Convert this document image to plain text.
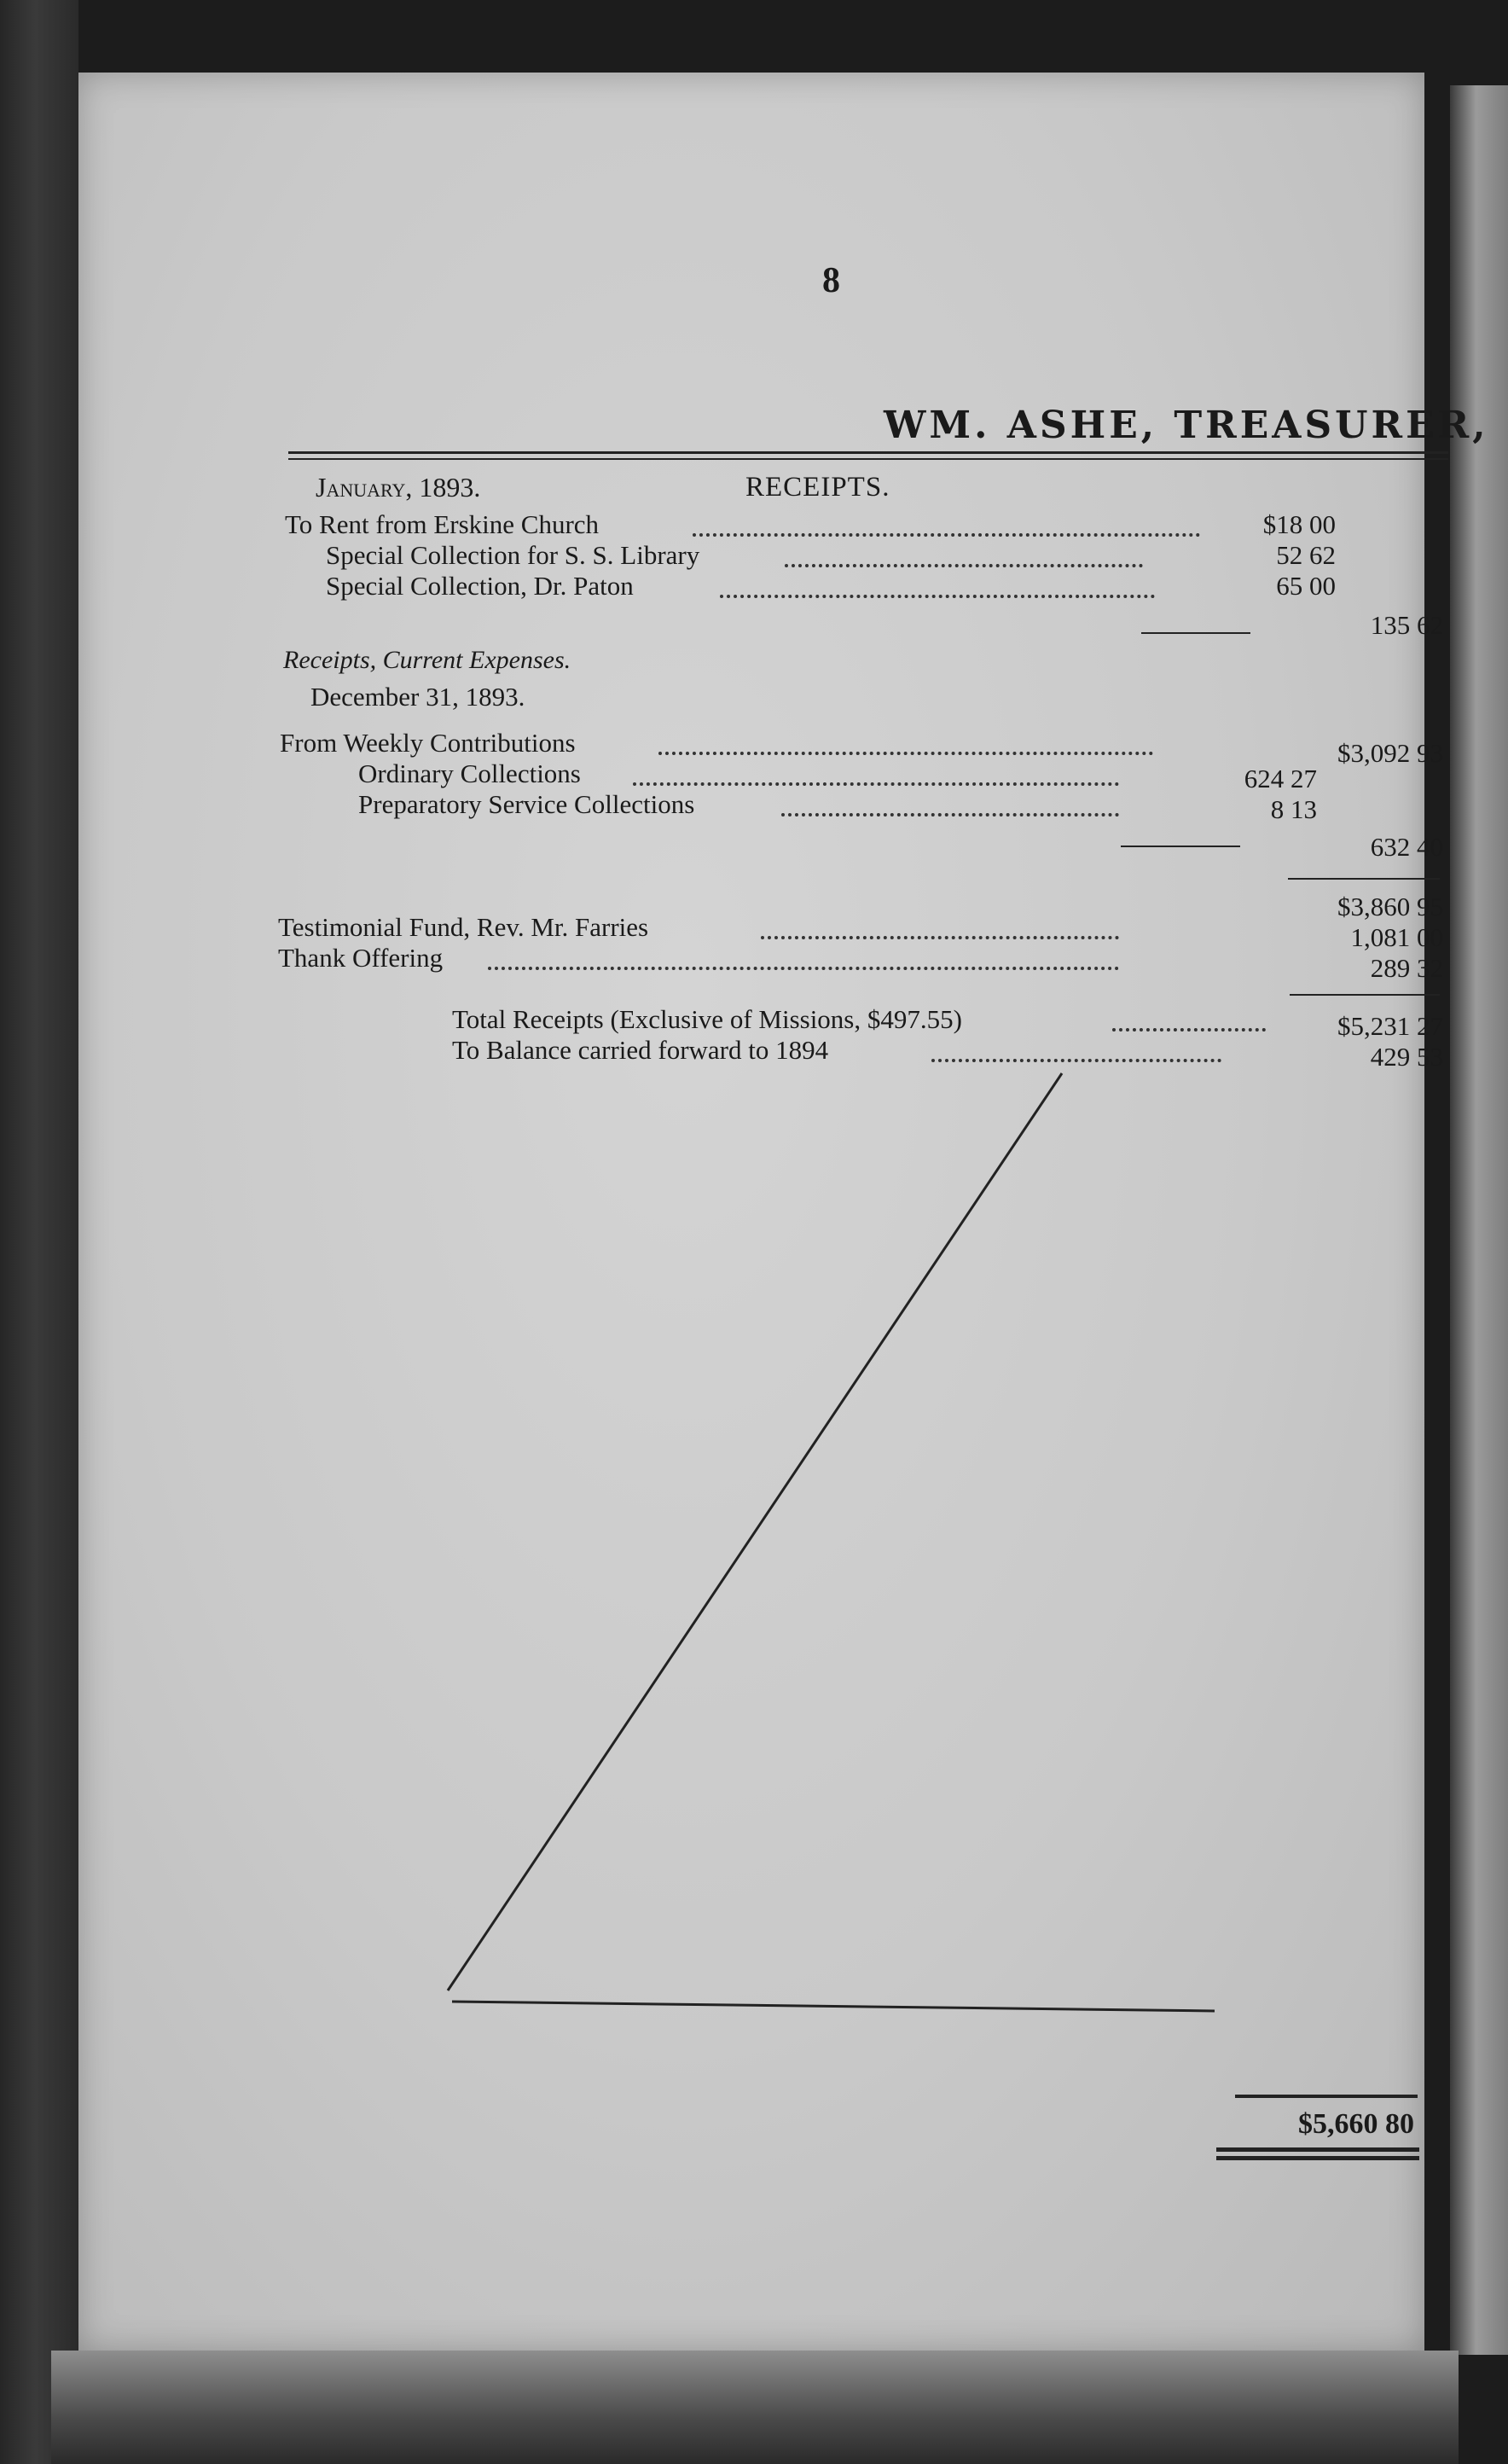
8
WM. ASHE, TREASURER,
January, 1893.	RECEIPTS.
To Rent from Erskine Church	$18 00
Special Collection for S. S. Library	52 62
Special Collection, Dr. Paton	65 00
135 62
Receipts, Current Expenses.
December 31, 1893.
From Weekly Contributions	$3,092 93
Ordinary Collections	624 27
Preparatory Service Collections	8 13
632 40
$3,860 95
Testimonial Fund, Rev. Mr. Farries	1,081 00
Thank Offering	289 32
Total Receipts (Exclusive of Missions, $497.55)	$5,231 27
To Balance carried forward to 1894	429 53
$5,660 80
